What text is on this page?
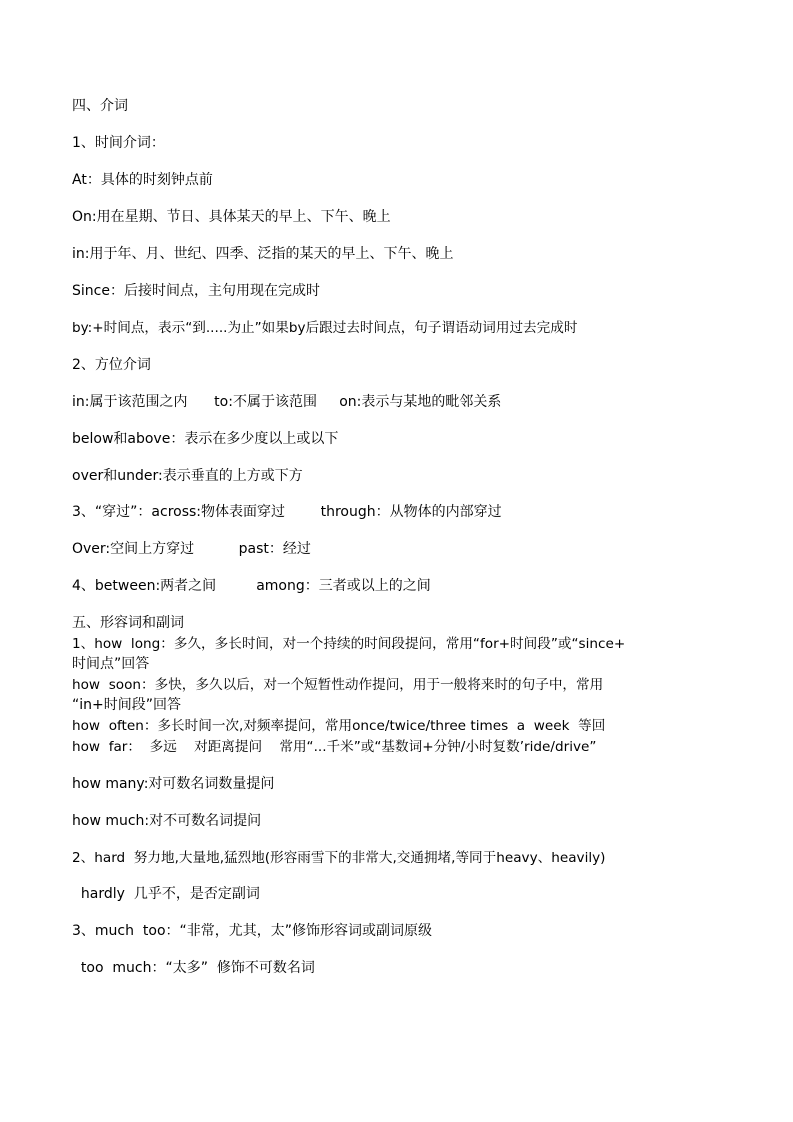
四、介词
1、时间介词：
At：具体的时刻钟点前
On:用在星期、节日、具体某天的早上、下午、晚上
in:用于年、月、世纪、四季、泛指的某天的早上、下午、晚上
Since：后接时间点，主句用现在完成时
by:+时间点，表示“到.....为止”如果by后跟过去时间点，句子谓语动词用过去完成时
2、方位介词
in:属于该范围之内      to:不属于该范围     on:表示与某地的毗邻关系
below和above：表示在多少度以上或以下
over和under:表示垂直的上方或下方
3、“穿过”：across:物体表面穿过        through：从物体的内部穿过
Over:空间上方穿过          past：经过
4、between:两者之间         among：三者或以上的之间
五、形容词和副词
1、how  long：多久，多长时间，对一个持续的时间段提问，常用“for+时间段”或“since+
时间点”回答
how  soon：多快，多久以后，对一个短暂性动作提问，用于一般将来时的句子中，常用
“in+时间段”回答
how  often：多长时间一次,对频率提问，常用once/twice/three times  a  week  等回
how  far：  多远    对距离提问    常用“...千米”或“基数词+分钟/小时复数’ride/drive”
how many:对可数名词数量提问
how much:对不可数名词提问
2、hard  努力地,大量地,猛烈地(形容雨雪下的非常大,交通拥堵,等同于heavy、heavily)
hardly  几乎不，是否定副词
3、much  too：“非常，尤其，太”修饰形容词或副词原级
too  much：“太多”  修饰不可数名词
